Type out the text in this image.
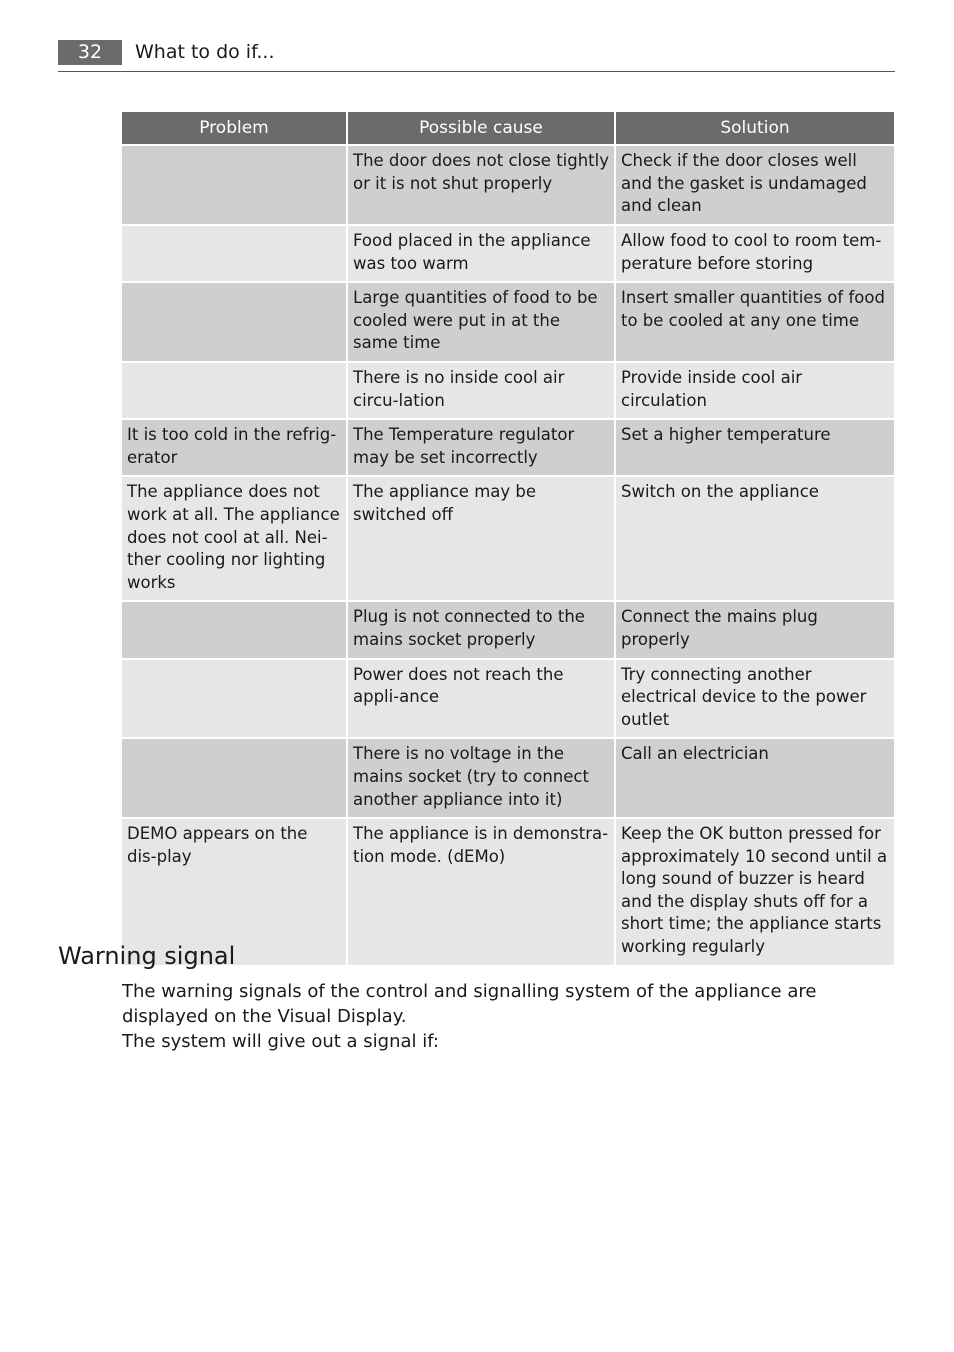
32	What to do if...
Problem	Possible cause	Solution
	The door does not close tightly or it is not shut properly	Check if the door closes well and the gasket is undamaged and clean
	Food placed in the appliance was too warm	Allow food to cool to room tem-perature before storing
	Large quantities of food to be cooled were put in at the same time	Insert smaller quantities of food to be cooled at any one time
	There is no inside cool air circu-lation	Provide inside cool air circulation
It is too cold in the refrig-erator	The Temperature regulator may be set incorrectly	Set a higher temperature
The appliance does not work at all. The appliance does not cool at all. Nei-ther cooling nor lighting works	The appliance may be switched off	Switch on the appliance
	Plug is not connected to the mains socket properly	Connect the mains plug properly
	Power does not reach the appli-ance	Try connecting another electrical device to the power outlet
	There is no voltage in the mains socket (try to connect another appliance into it)	Call an electrician
DEMO appears on the dis-play	The appliance is in demonstra-tion mode. (dEMo)	Keep the OK button pressed for approximately 10 second until a long sound of buzzer is heard and the display shuts off for a short time; the appliance starts working regularly
Warning signal

The warning signals of the control and signalling system of the appliance are displayed on the Visual Display.

The system will give out a signal if:
